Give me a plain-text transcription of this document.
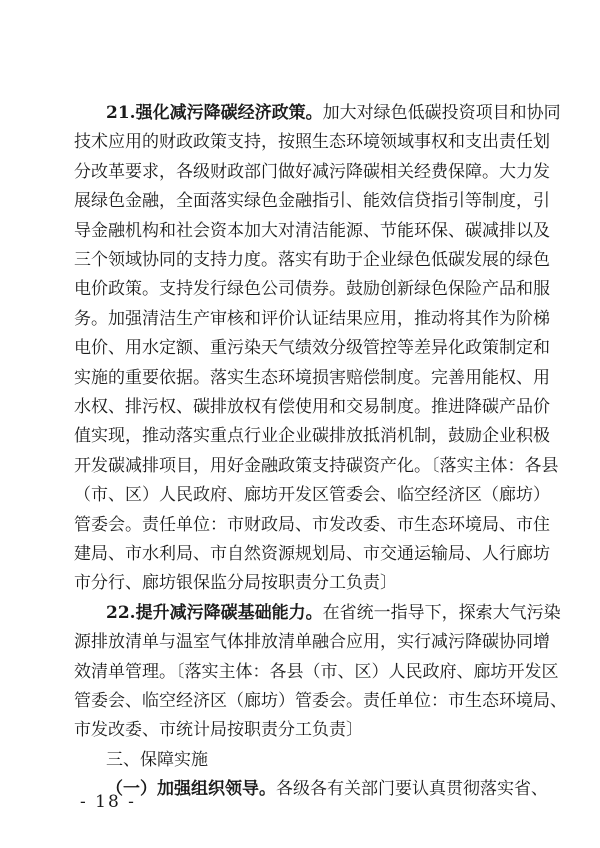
21.强化减污降碳经济政策。加大对绿色低碳投资项目和协同
技术应用的财政政策支持，按照生态环境领域事权和支出责任划
分改革要求，各级财政部门做好减污降碳相关经费保障。大力发
展绿色金融，全面落实绿色金融指引、能效信贷指引等制度，引
导金融机构和社会资本加大对清洁能源、节能环保、碳减排以及
三个领域协同的支持力度。落实有助于企业绿色低碳发展的绿色
电价政策。支持发行绿色公司债券。鼓励创新绿色保险产品和服
务。加强清洁生产审核和评价认证结果应用，推动将其作为阶梯
电价、用水定额、重污染天气绩效分级管控等差异化政策制定和
实施的重要依据。落实生态环境损害赔偿制度。完善用能权、用
水权、排污权、碳排放权有偿使用和交易制度。推进降碳产品价
值实现，推动落实重点行业企业碳排放抵消机制，鼓励企业积极
开发碳减排项目，用好金融政策支持碳资产化。〔落实主体：各县
（市、区）人民政府、廊坊开发区管委会、临空经济区（廊坊）
管委会。责任单位：市财政局、市发改委、市生态环境局、市住
建局、市水利局、市自然资源规划局、市交通运输局、人行廊坊
市分行、廊坊银保监分局按职责分工负责〕
22.提升减污降碳基础能力。在省统一指导下，探索大气污染
源排放清单与温室气体排放清单融合应用，实行减污降碳协同增
效清单管理。〔落实主体：各县（市、区）人民政府、廊坊开发区
管委会、临空经济区（廊坊）管委会。责任单位：市生态环境局、
市发改委、市统计局按职责分工负责〕
三、保障实施
（一）加强组织领导。各级各有关部门要认真贯彻落实省、
- 18 -
